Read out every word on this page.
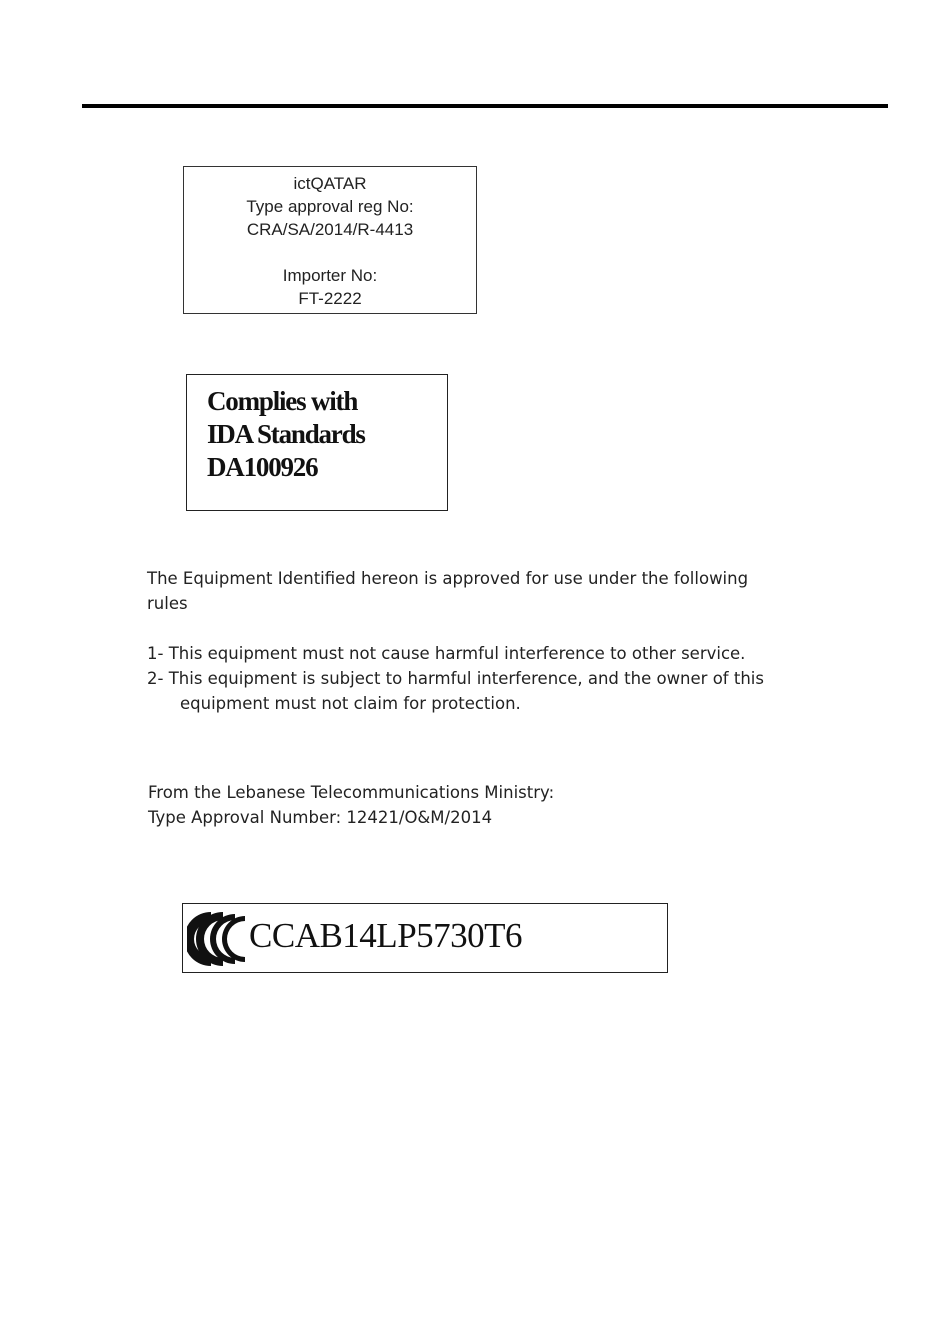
ictQATAR
Type approval reg No:
CRA/SA/2014/R-4413
Importer No:
FT-2222
Complies with
IDA Standards
DA100926
The Equipment Identified hereon is approved for use under the following
rules
1- This equipment must not cause harmful interference to other service.
2- This equipment is subject to harmful interference, and the owner of this
equipment must not claim for protection.
From the Lebanese Telecommunications Ministry:
Type Approval Number: 12421/O&M/2014
CCAB14LP5730T6
